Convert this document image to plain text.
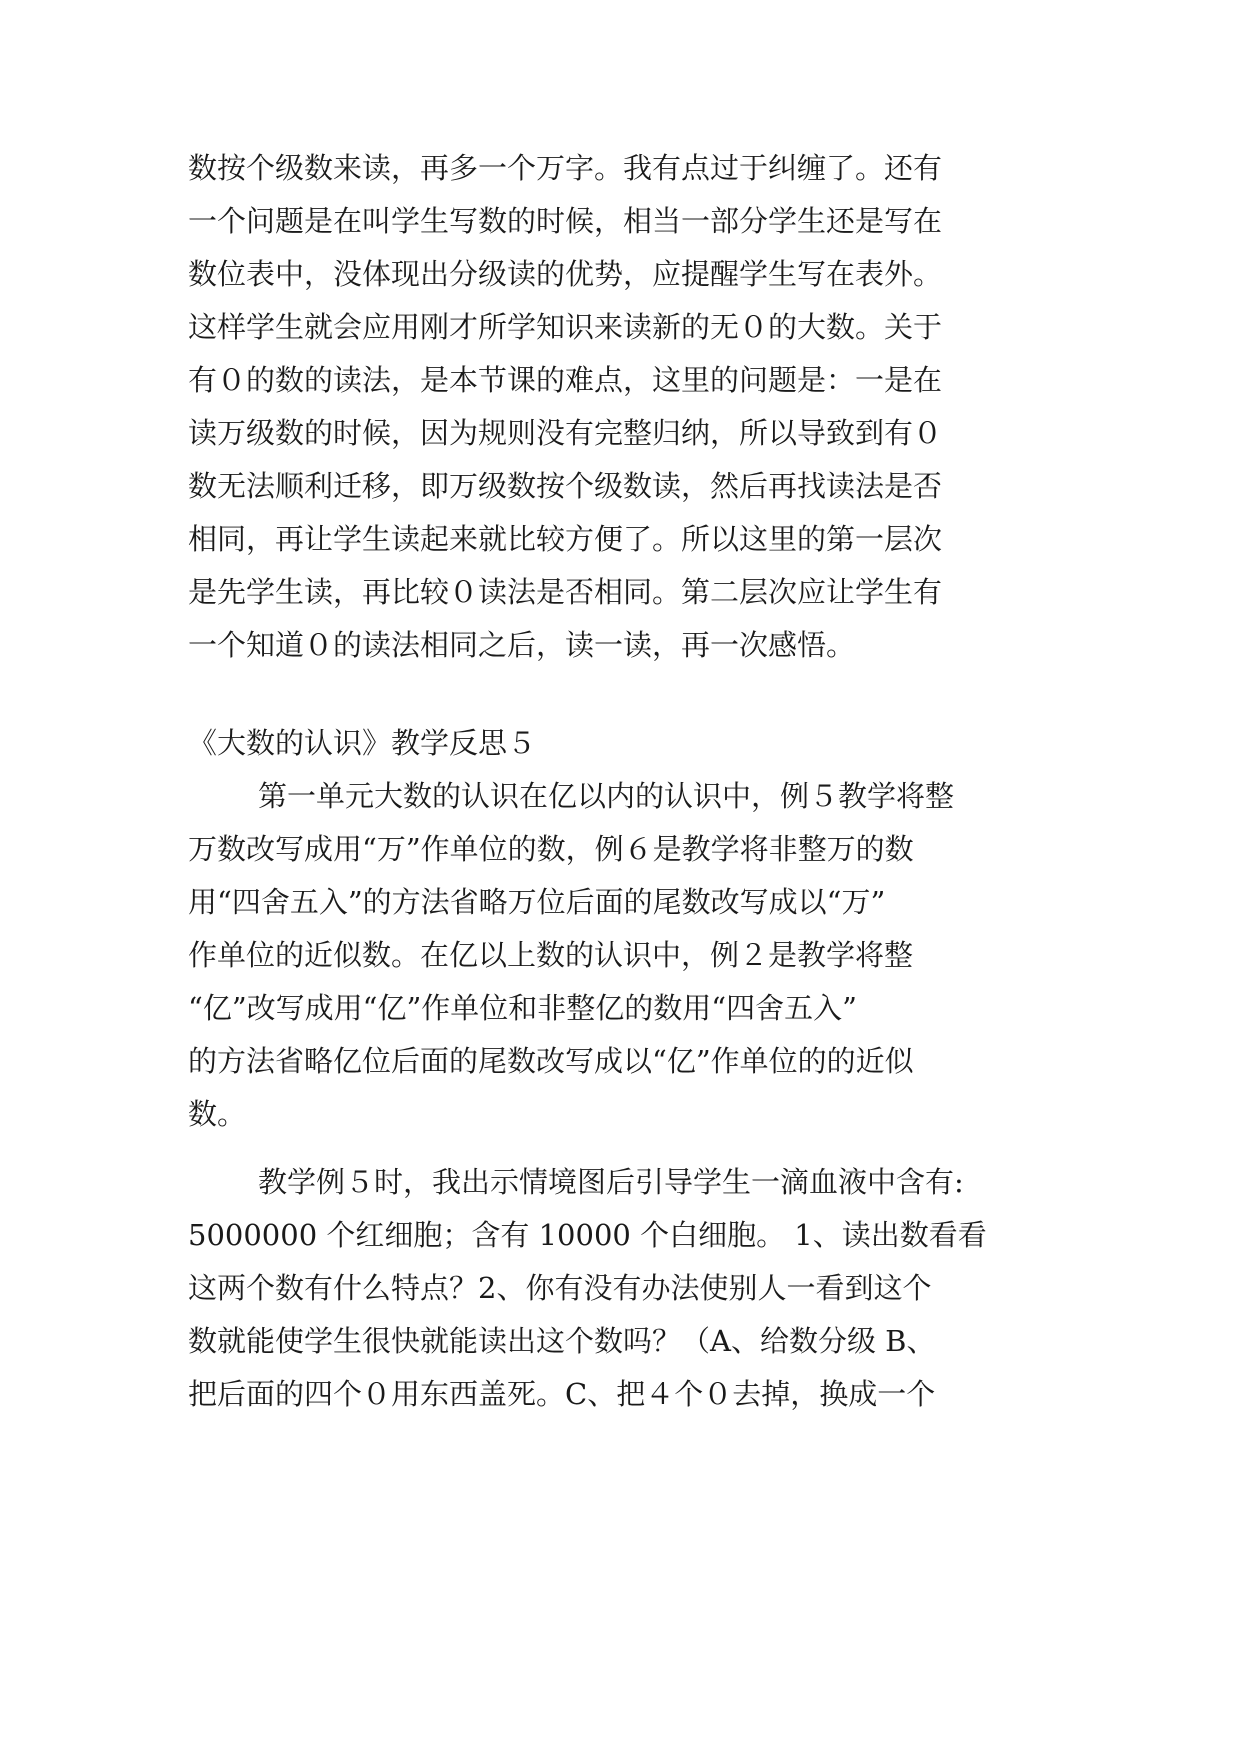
数按个级数来读，再多一个万字。我有点过于纠缠了。还有
一个问题是在叫学生写数的时候，相当一部分学生还是写在
数位表中，没体现出分级读的优势，应提醒学生写在表外。
这样学生就会应用刚才所学知识来读新的无０的大数。关于
有０的数的读法，是本节课的难点，这里的问题是：一是在
读万级数的时候，因为规则没有完整归纳，所以导致到有０
数无法顺利迁移，即万级数按个级数读，然后再找读法是否
相同，再让学生读起来就比较方便了。所以这里的第一层次
是先学生读，再比较０读法是否相同。第二层次应让学生有
一个知道０的读法相同之后，读一读，再一次感悟。
《大数的认识》教学反思５
第一单元大数的认识在亿以内的认识中，例５教学将整
万数改写成用“万”作单位的数，例６是教学将非整万的数
用“四舍五入”的方法省略万位后面的尾数改写成以“万”
作单位的近似数。在亿以上数的认识中，例２是教学将整
“亿”改写成用“亿”作单位和非整亿的数用“四舍五入”
的方法省略亿位后面的尾数改写成以“亿”作单位的的近似
数。
教学例５时，我出示情境图后引导学生一滴血液中含有:
5000000 个红细胞；含有 10000 个白细胞。 1、读出数看看
这两个数有什么特点？2、你有没有办法使别人一看到这个
数就能使学生很快就能读出这个数吗？（A、给数分级 B、
把后面的四个０用东西盖死。C、把４个０去掉，换成一个
